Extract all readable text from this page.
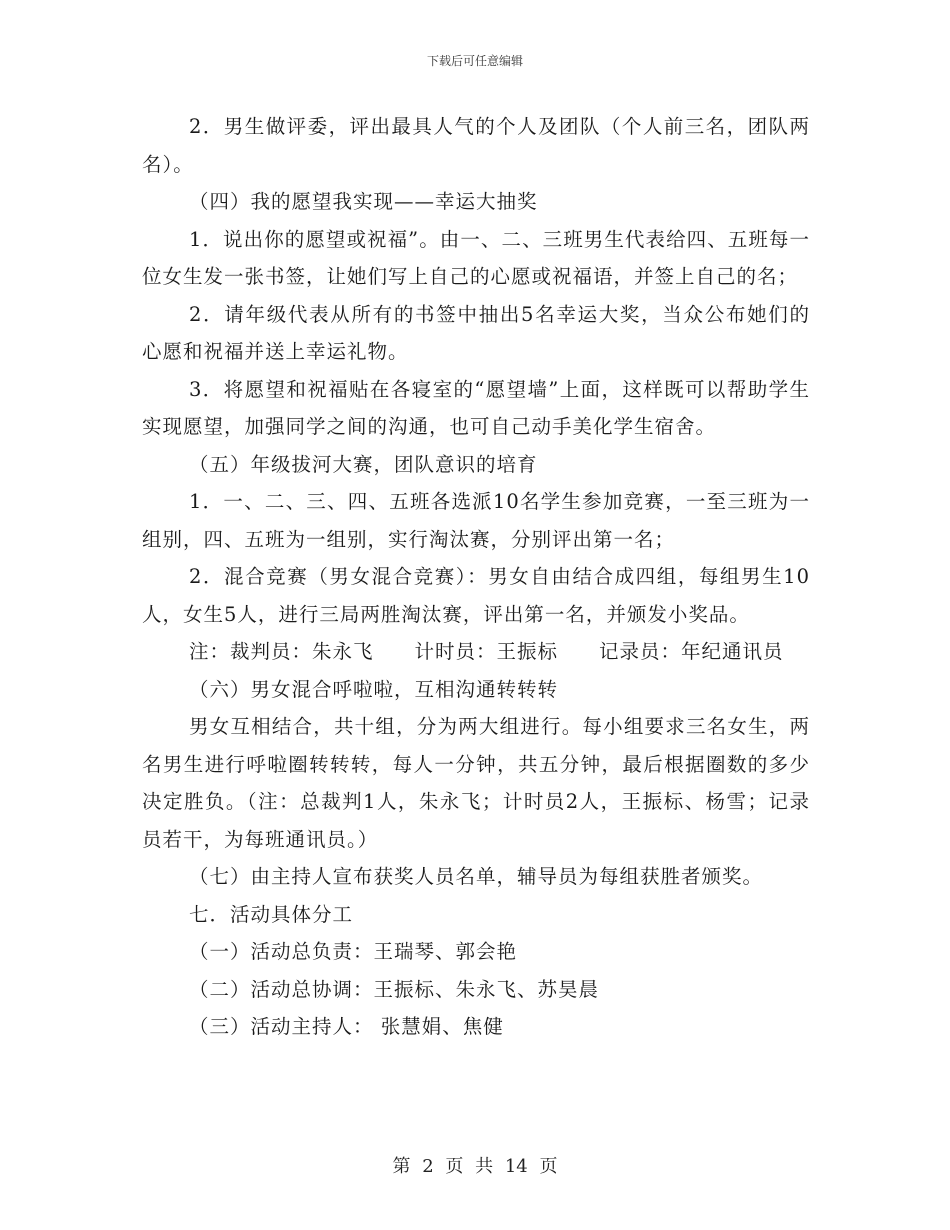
下载后可任意编辑

2．男生做评委，评出最具人气的个人及团队（个人前三名，团队两名）。

（四）我的愿望我实现——幸运大抽奖

1．说出你的愿望或祝福”。由一、二、三班男生代表给四、五班每一位女生发一张书签，让她们写上自己的心愿或祝福语，并签上自己的名；

2．请年级代表从所有的书签中抽出5名幸运大奖，当众公布她们的心愿和祝福并送上幸运礼物。

3．将愿望和祝福贴在各寝室的“愿望墙”上面，这样既可以帮助学生实现愿望，加强同学之间的沟通，也可自己动手美化学生宿舍。

（五）年级拔河大赛，团队意识的培育

1．一、二、三、四、五班各选派10名学生参加竞赛，一至三班为一组别，四、五班为一组别，实行淘汰赛，分别评出第一名；

2．混合竞赛（男女混合竞赛）：男女自由结合成四组，每组男生10人，女生5人，进行三局两胜淘汰赛，评出第一名，并颁发小奖品。

注：裁判员：朱永飞　　计时员：王振标　　记录员：年纪通讯员

（六）男女混合呼啦啦，互相沟通转转转

男女互相结合，共十组，分为两大组进行。每小组要求三名女生，两名男生进行呼啦圈转转转，每人一分钟，共五分钟，最后根据圈数的多少决定胜负。（注：总裁判1人，朱永飞；计时员2人，王振标、杨雪；记录员若干，为每班通讯员。）

（七）由主持人宣布获奖人员名单，辅导员为每组获胜者颁奖。

七．活动具体分工

（一）活动总负责：王瑞琴、郭会艳

（二）活动总协调：王振标、朱永飞、苏昊晨

（三）活动主持人： 张慧娟、焦健

第 2 页 共 14 页
